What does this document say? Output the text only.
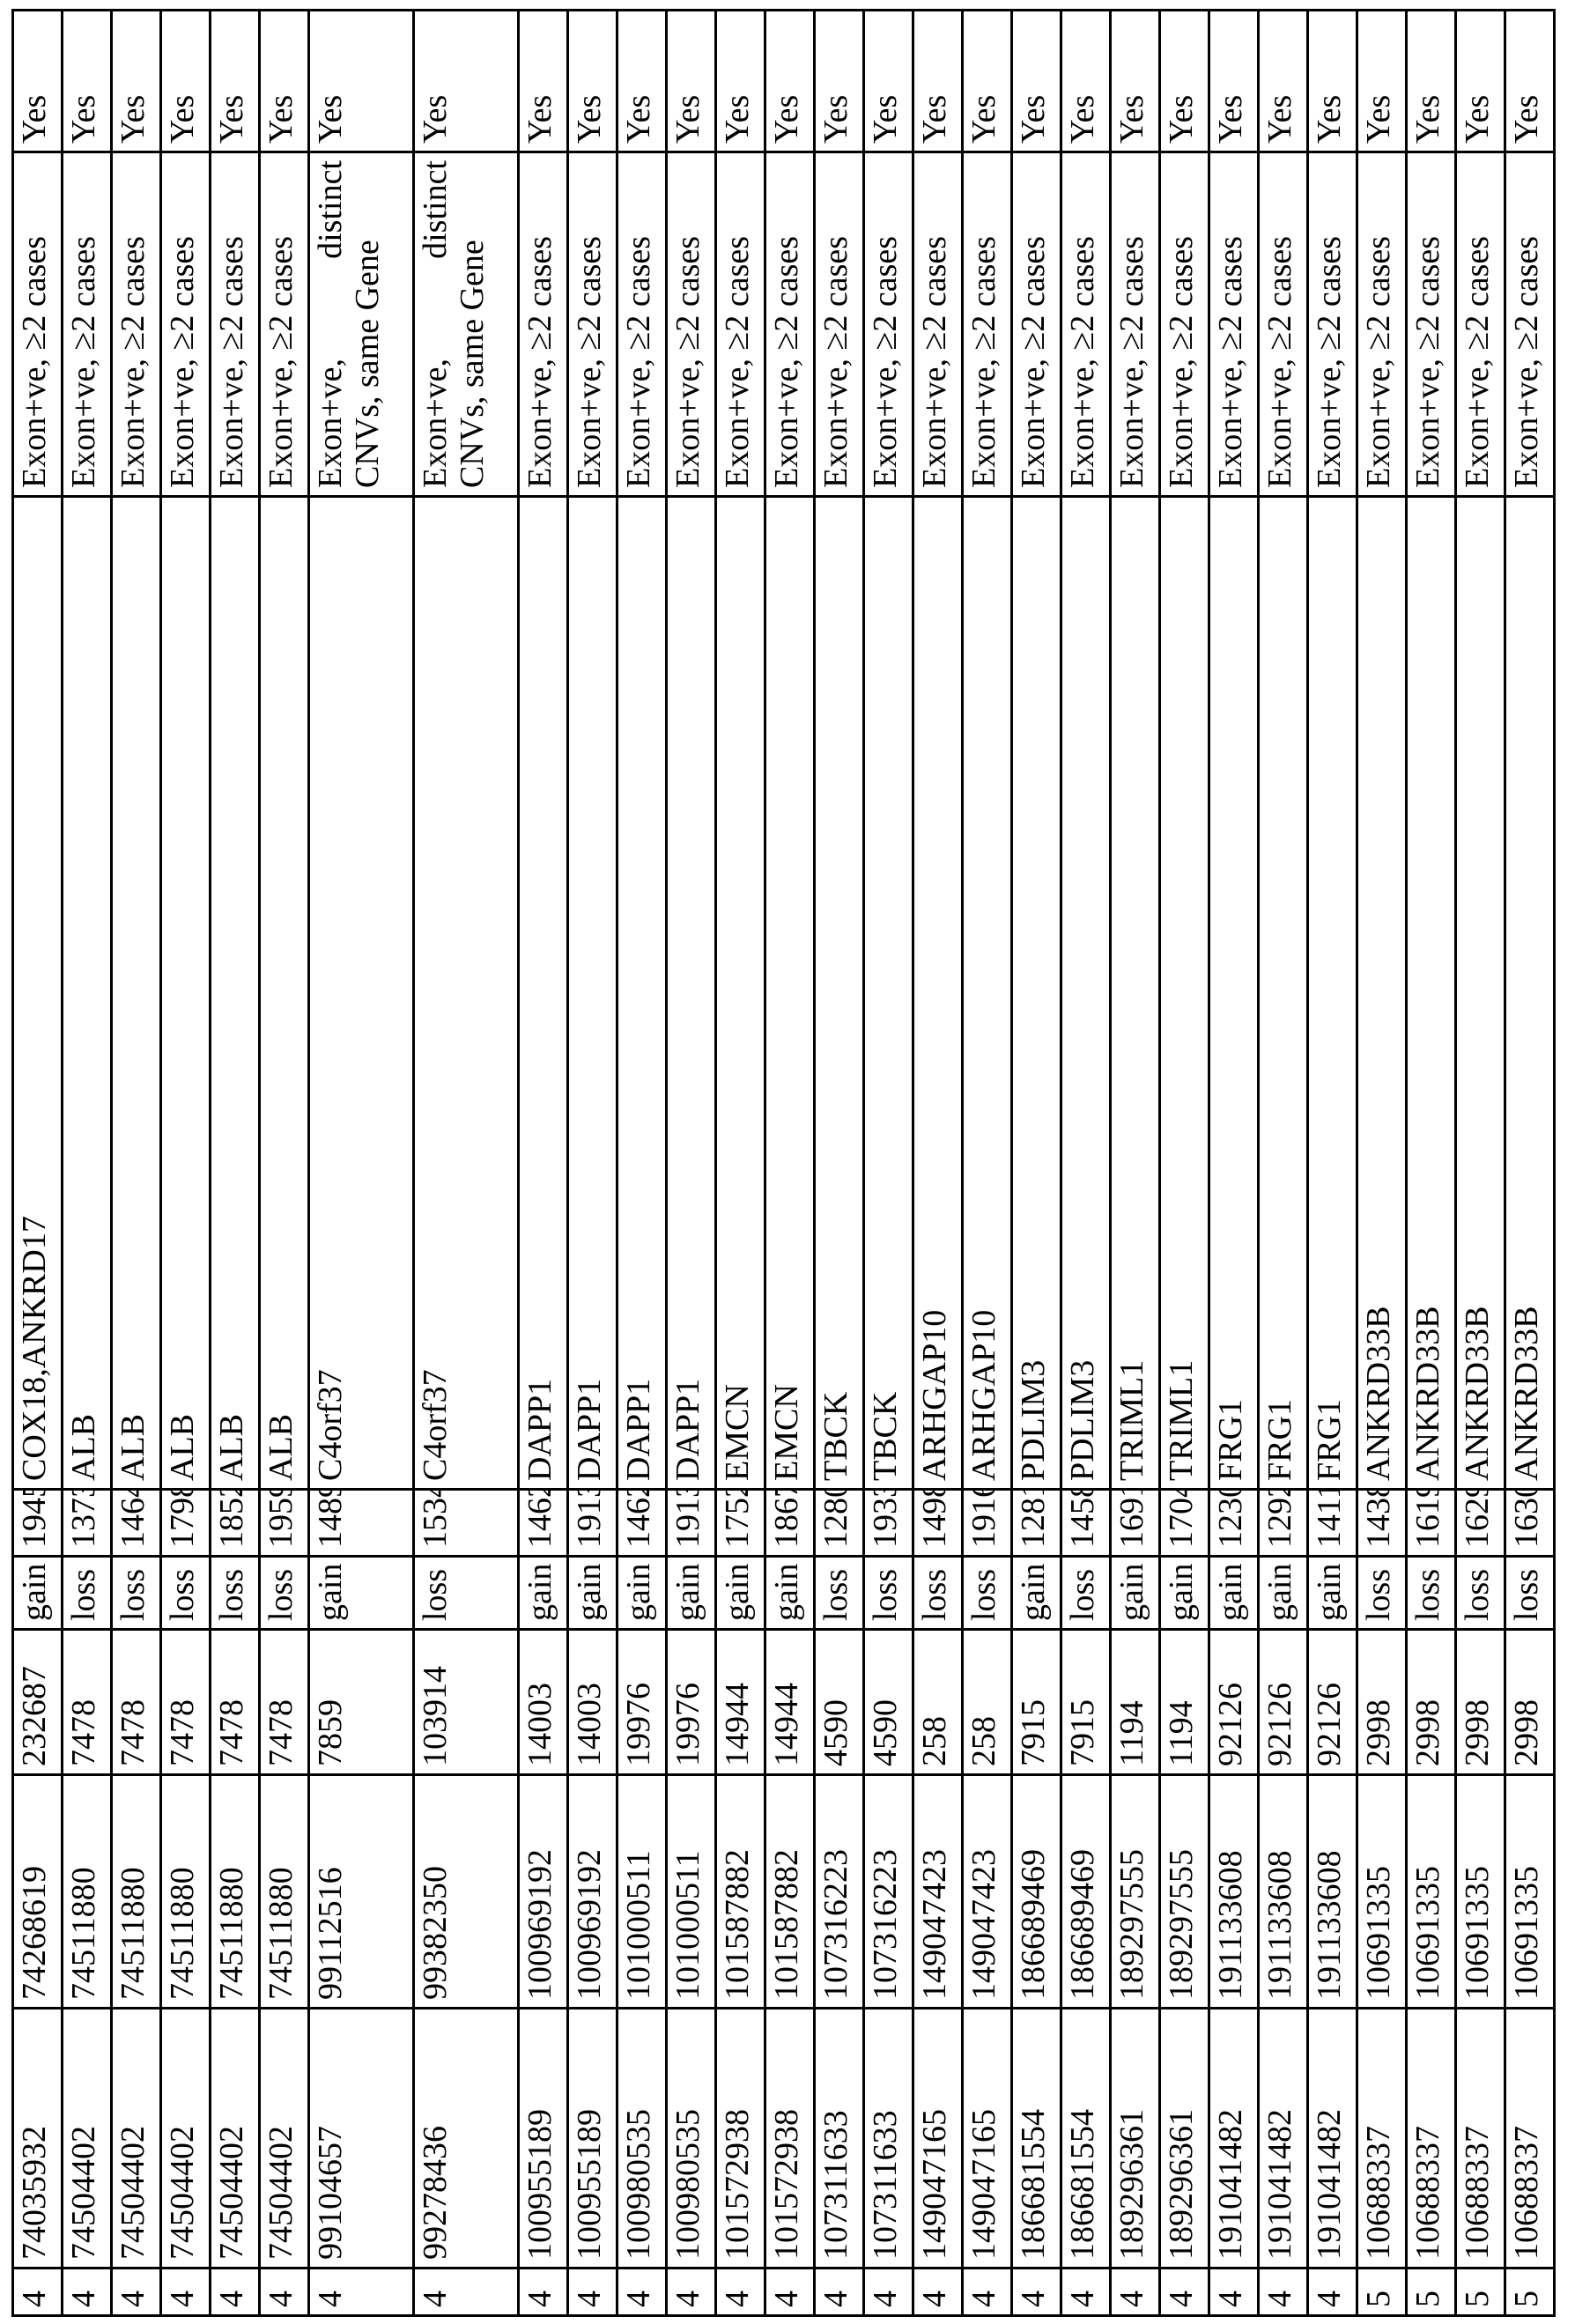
4	74035932	74268619	232687	gain	1945	COX18,ANKRD17	Exon+ve, ≥2 cases	Yes
4	74504402	74511880	7478	loss	1373	ALB	Exon+ve, ≥2 cases	Yes
4	74504402	74511880	7478	loss	1464	ALB	Exon+ve, ≥2 cases	Yes
4	74504402	74511880	7478	loss	1798	ALB	Exon+ve, ≥2 cases	Yes
4	74504402	74511880	7478	loss	1852	ALB	Exon+ve, ≥2 cases	Yes
4	74504402	74511880	7478	loss	1959	ALB	Exon+ve, ≥2 cases	Yes
4	99104657	99112516	7859	gain	1489	C4orf37	Exon+ve, distinct CNVs, same Gene	Yes
4	99278436	99382350	103914	loss	1534	C4orf37	Exon+ve, distinct CNVs, same Gene	Yes
4	100955189	100969192	14003	gain	1462	DAPP1	Exon+ve, ≥2 cases	Yes
4	100955189	100969192	14003	gain	1913	DAPP1	Exon+ve, ≥2 cases	Yes
4	100980535	101000511	19976	gain	1462	DAPP1	Exon+ve, ≥2 cases	Yes
4	100980535	101000511	19976	gain	1913	DAPP1	Exon+ve, ≥2 cases	Yes
4	101572938	101587882	14944	gain	1752	EMCN	Exon+ve, ≥2 cases	Yes
4	101572938	101587882	14944	gain	1867	EMCN	Exon+ve, ≥2 cases	Yes
4	107311633	107316223	4590	loss	1280	TBCK	Exon+ve, ≥2 cases	Yes
4	107311633	107316223	4590	loss	1933	TBCK	Exon+ve, ≥2 cases	Yes
4	149047165	149047423	258	loss	1498	ARHGAP10	Exon+ve, ≥2 cases	Yes
4	149047165	149047423	258	loss	1916	ARHGAP10	Exon+ve, ≥2 cases	Yes
4	186681554	186689469	7915	gain	1281	PDLIM3	Exon+ve, ≥2 cases	Yes
4	186681554	186689469	7915	loss	1458	PDLIM3	Exon+ve, ≥2 cases	Yes
4	189296361	189297555	1194	gain	1691	TRIML1	Exon+ve, ≥2 cases	Yes
4	189296361	189297555	1194	gain	1704	TRIML1	Exon+ve, ≥2 cases	Yes
4	191041482	191133608	92126	gain	1230	FRG1	Exon+ve, ≥2 cases	Yes
4	191041482	191133608	92126	gain	1292	FRG1	Exon+ve, ≥2 cases	Yes
4	191041482	191133608	92126	gain	1411	FRG1	Exon+ve, ≥2 cases	Yes
5	10688337	10691335	2998	loss	1438	ANKRD33B	Exon+ve, ≥2 cases	Yes
5	10688337	10691335	2998	loss	1619	ANKRD33B	Exon+ve, ≥2 cases	Yes
5	10688337	10691335	2998	loss	1629	ANKRD33B	Exon+ve, ≥2 cases	Yes
5	10688337	10691335	2998	loss	1630	ANKRD33B	Exon+ve, ≥2 cases	Yes
